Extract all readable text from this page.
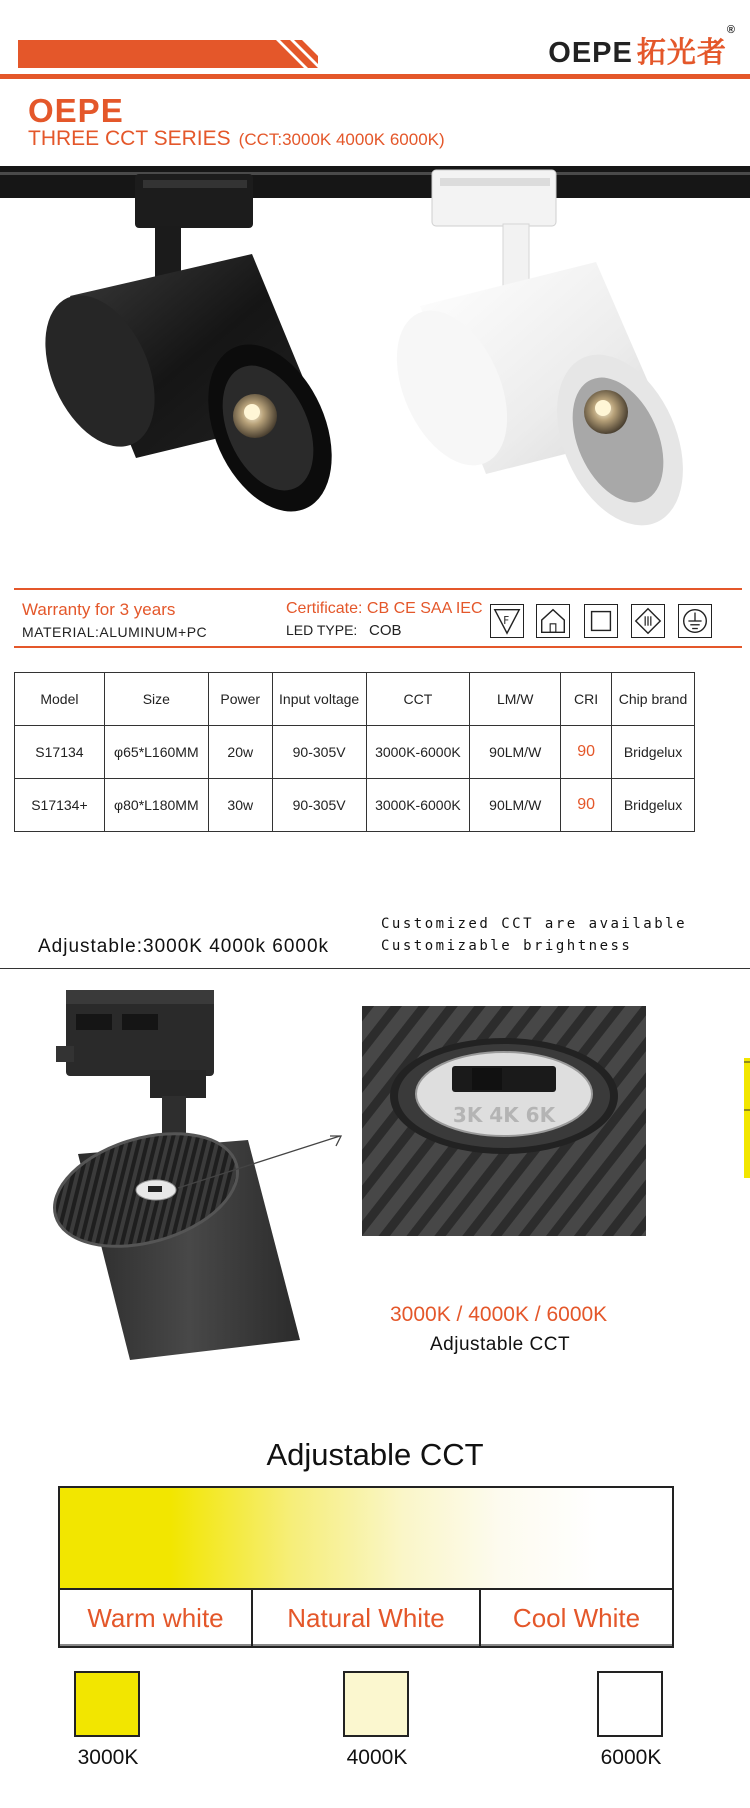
OEPE 拓光者®
OEPE
THREE CCT SERIES (CCT:3000K 4000K 6000K)
Warranty for 3 years
MATERIAL:ALUMINUM+PC
Certificate: CB CE SAA IEC
LED TYPE: COB
F
Model	Size	Power	Input voltage	CCT	LM/W	CRI	Chip brand
S17134	φ65*L160MM	20w	90-305V	3000K-6000K	90LM/W	90	Bridgelux
S17134+	φ80*L180MM	30w	90-305V	3000K-6000K	90LM/W	90	Bridgelux
Adjustable:3000K 4000k 6000k
Customized CCT are available
Customizable brightness
3K 4K 6K
3000K / 4000K / 6000K
Adjustable CCT
Adjustable CCT
Warm white	Natural White	Cool White
3000K	4000K	6000K
